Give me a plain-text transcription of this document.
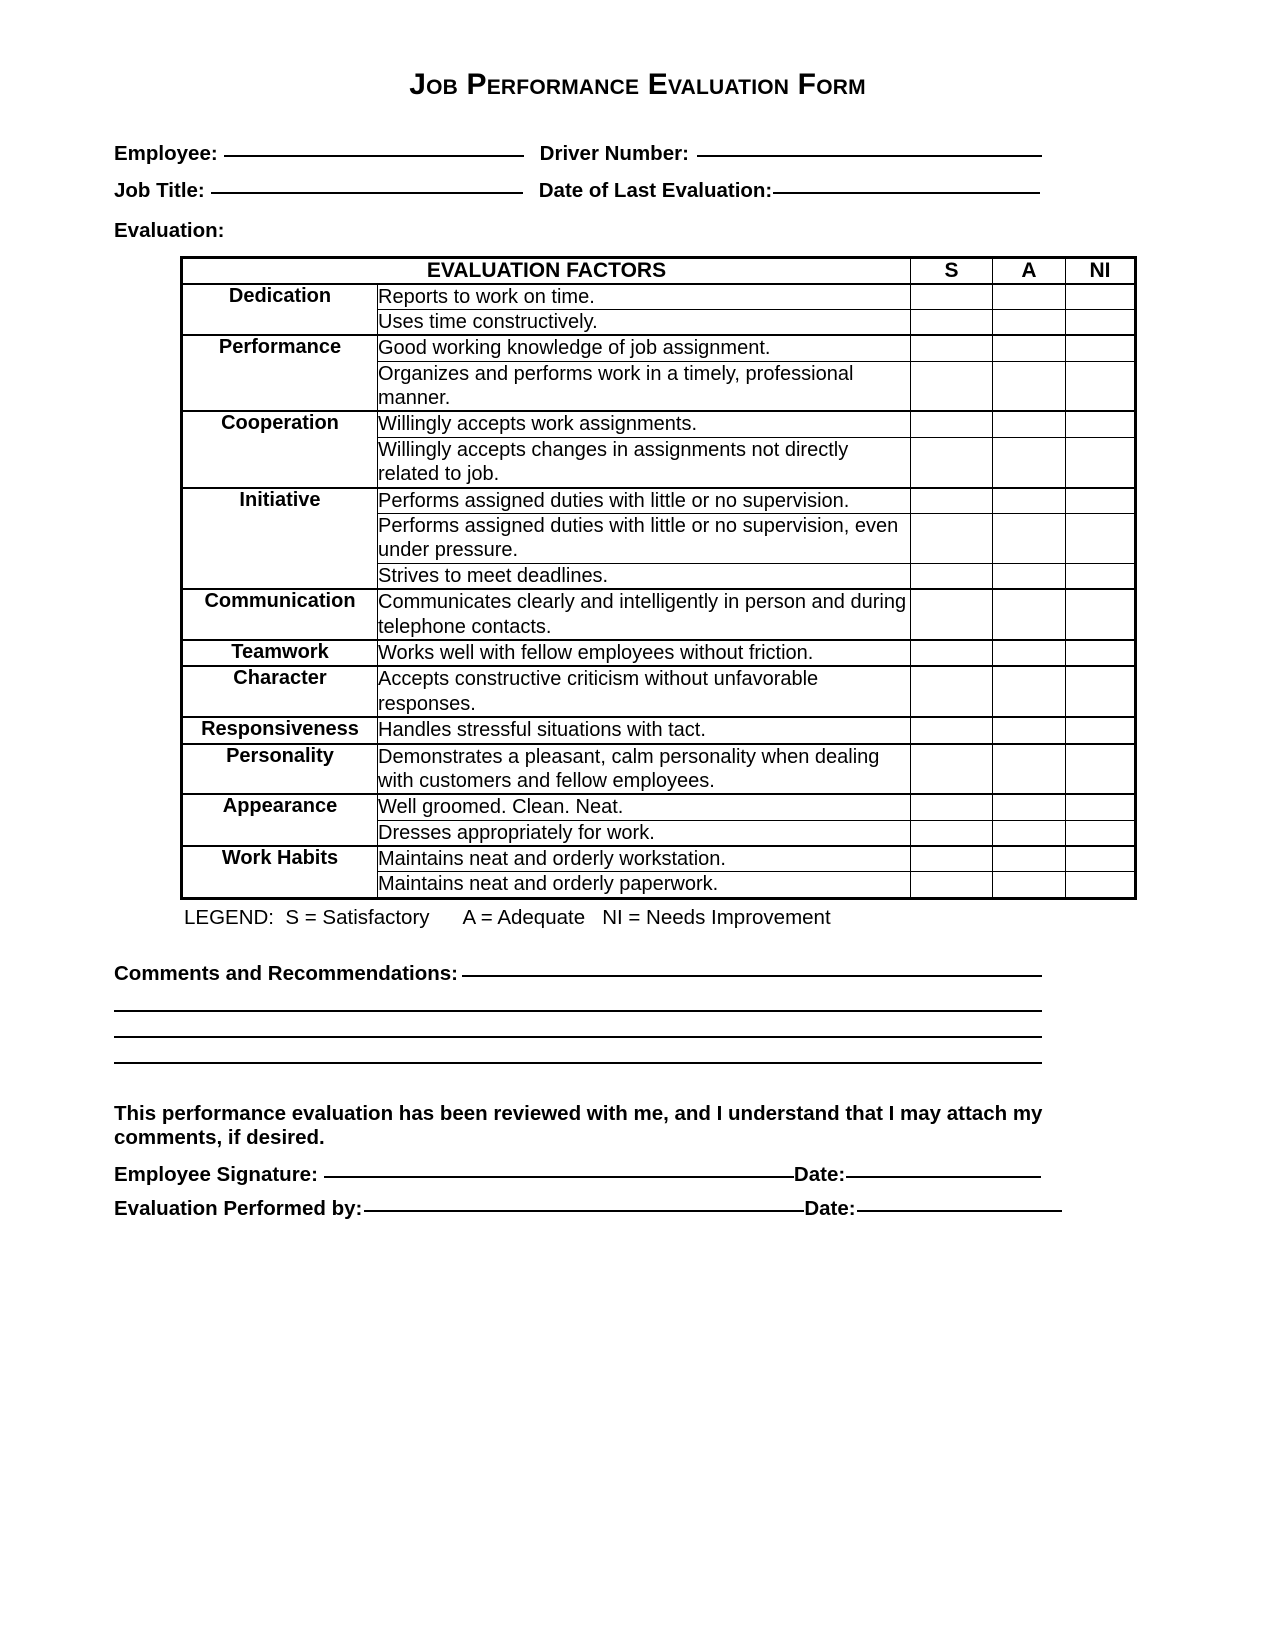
Job Performance Evaluation Form
Employee:	Driver Number:
Job Title:	Date of Last Evaluation:
Evaluation:
EVALUATION FACTORS		S	A	NI
Dedication	Reports to work on time.			
	Uses time constructively.			
Performance	Good working knowledge of job assignment.			
	Organizes and performs work in a timely, professional manner.			
Cooperation	Willingly accepts work assignments.			
	Willingly accepts changes in assignments not directly related to job.			
Initiative	Performs assigned duties with little or no supervision.			
	Performs assigned duties with little or no supervision, even under pressure.			
	Strives to meet deadlines.			
Communication	Communicates clearly and intelligently in person and during telephone contacts.			
Teamwork	Works well with fellow employees without friction.			
Character	Accepts constructive criticism without unfavorable responses.			
Responsiveness	Handles stressful situations with tact.			
Personality	Demonstrates a pleasant, calm personality when dealing with customers and fellow employees.			
Appearance	Well groomed. Clean. Neat.			
	Dresses appropriately for work.			
Work Habits	Maintains neat and orderly workstation.			
	Maintains neat and orderly paperwork.			
LEGEND:  S = Satisfactory      A = Adequate   NI = Needs Improvement
Comments and Recommendations:
This performance evaluation has been reviewed with me, and I understand that I may attach my comments, if desired.
Employee Signature:	Date:
Evaluation Performed by:	Date:
